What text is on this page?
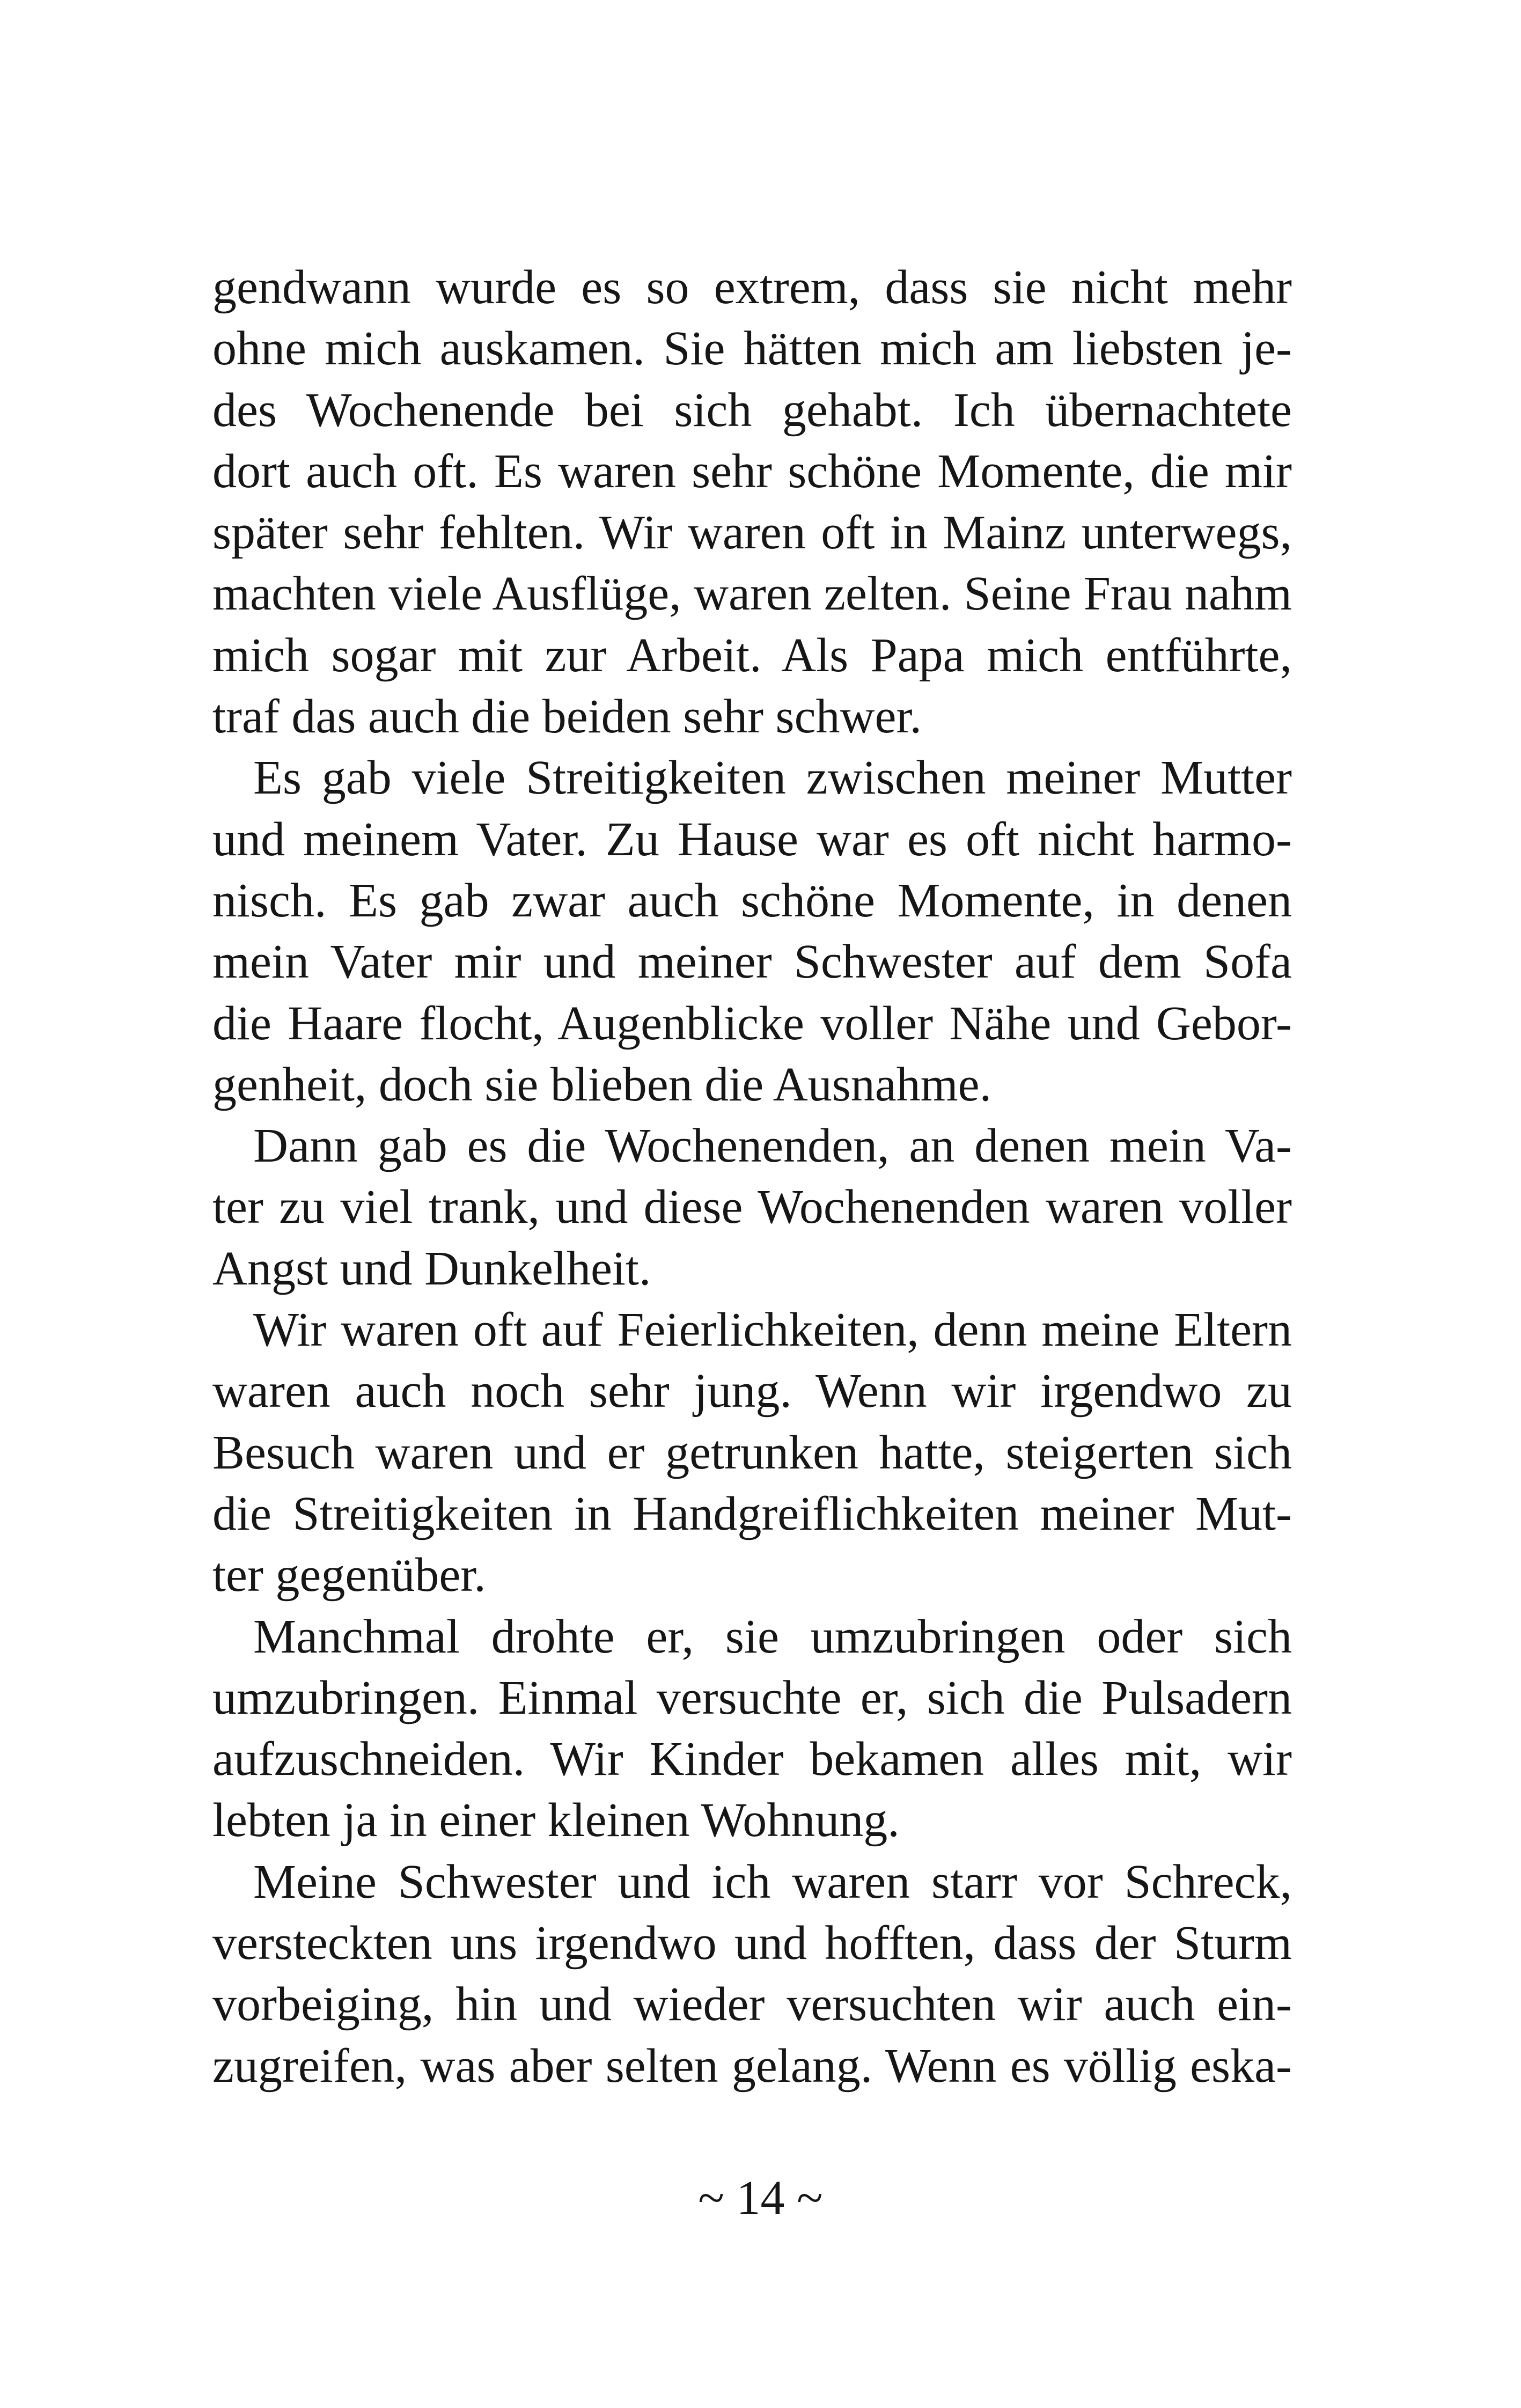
gendwann wurde es so extrem, dass sie nicht mehr
ohne mich auskamen. Sie hätten mich am liebsten je-
des Wochenende bei sich gehabt. Ich übernachtete
dort auch oft. Es waren sehr schöne Momente, die mir
später sehr fehlten. Wir waren oft in Mainz unterwegs,
machten viele Ausflüge, waren zelten. Seine Frau nahm
mich sogar mit zur Arbeit. Als Papa mich entführte,
traf das auch die beiden sehr schwer.
Es gab viele Streitigkeiten zwischen meiner Mutter
und meinem Vater. Zu Hause war es oft nicht harmo-
nisch. Es gab zwar auch schöne Momente, in denen
mein Vater mir und meiner Schwester auf dem Sofa
die Haare flocht, Augenblicke voller Nähe und Gebor-
genheit, doch sie blieben die Ausnahme.
Dann gab es die Wochenenden, an denen mein Va-
ter zu viel trank, und diese Wochenenden waren voller
Angst und Dunkelheit.
Wir waren oft auf Feierlichkeiten, denn meine Eltern
waren auch noch sehr jung. Wenn wir irgendwo zu
Besuch waren und er getrunken hatte, steigerten sich
die Streitigkeiten in Handgreiflichkeiten meiner Mut-
ter gegenüber.
Manchmal drohte er, sie umzubringen oder sich
umzubringen. Einmal versuchte er, sich die Pulsadern
aufzuschneiden. Wir Kinder bekamen alles mit, wir
lebten ja in einer kleinen Wohnung.
Meine Schwester und ich waren starr vor Schreck,
versteckten uns irgendwo und hofften, dass der Sturm
vorbeiging, hin und wieder versuchten wir auch ein-
zugreifen, was aber selten gelang. Wenn es völlig eska-
~ 14 ~
